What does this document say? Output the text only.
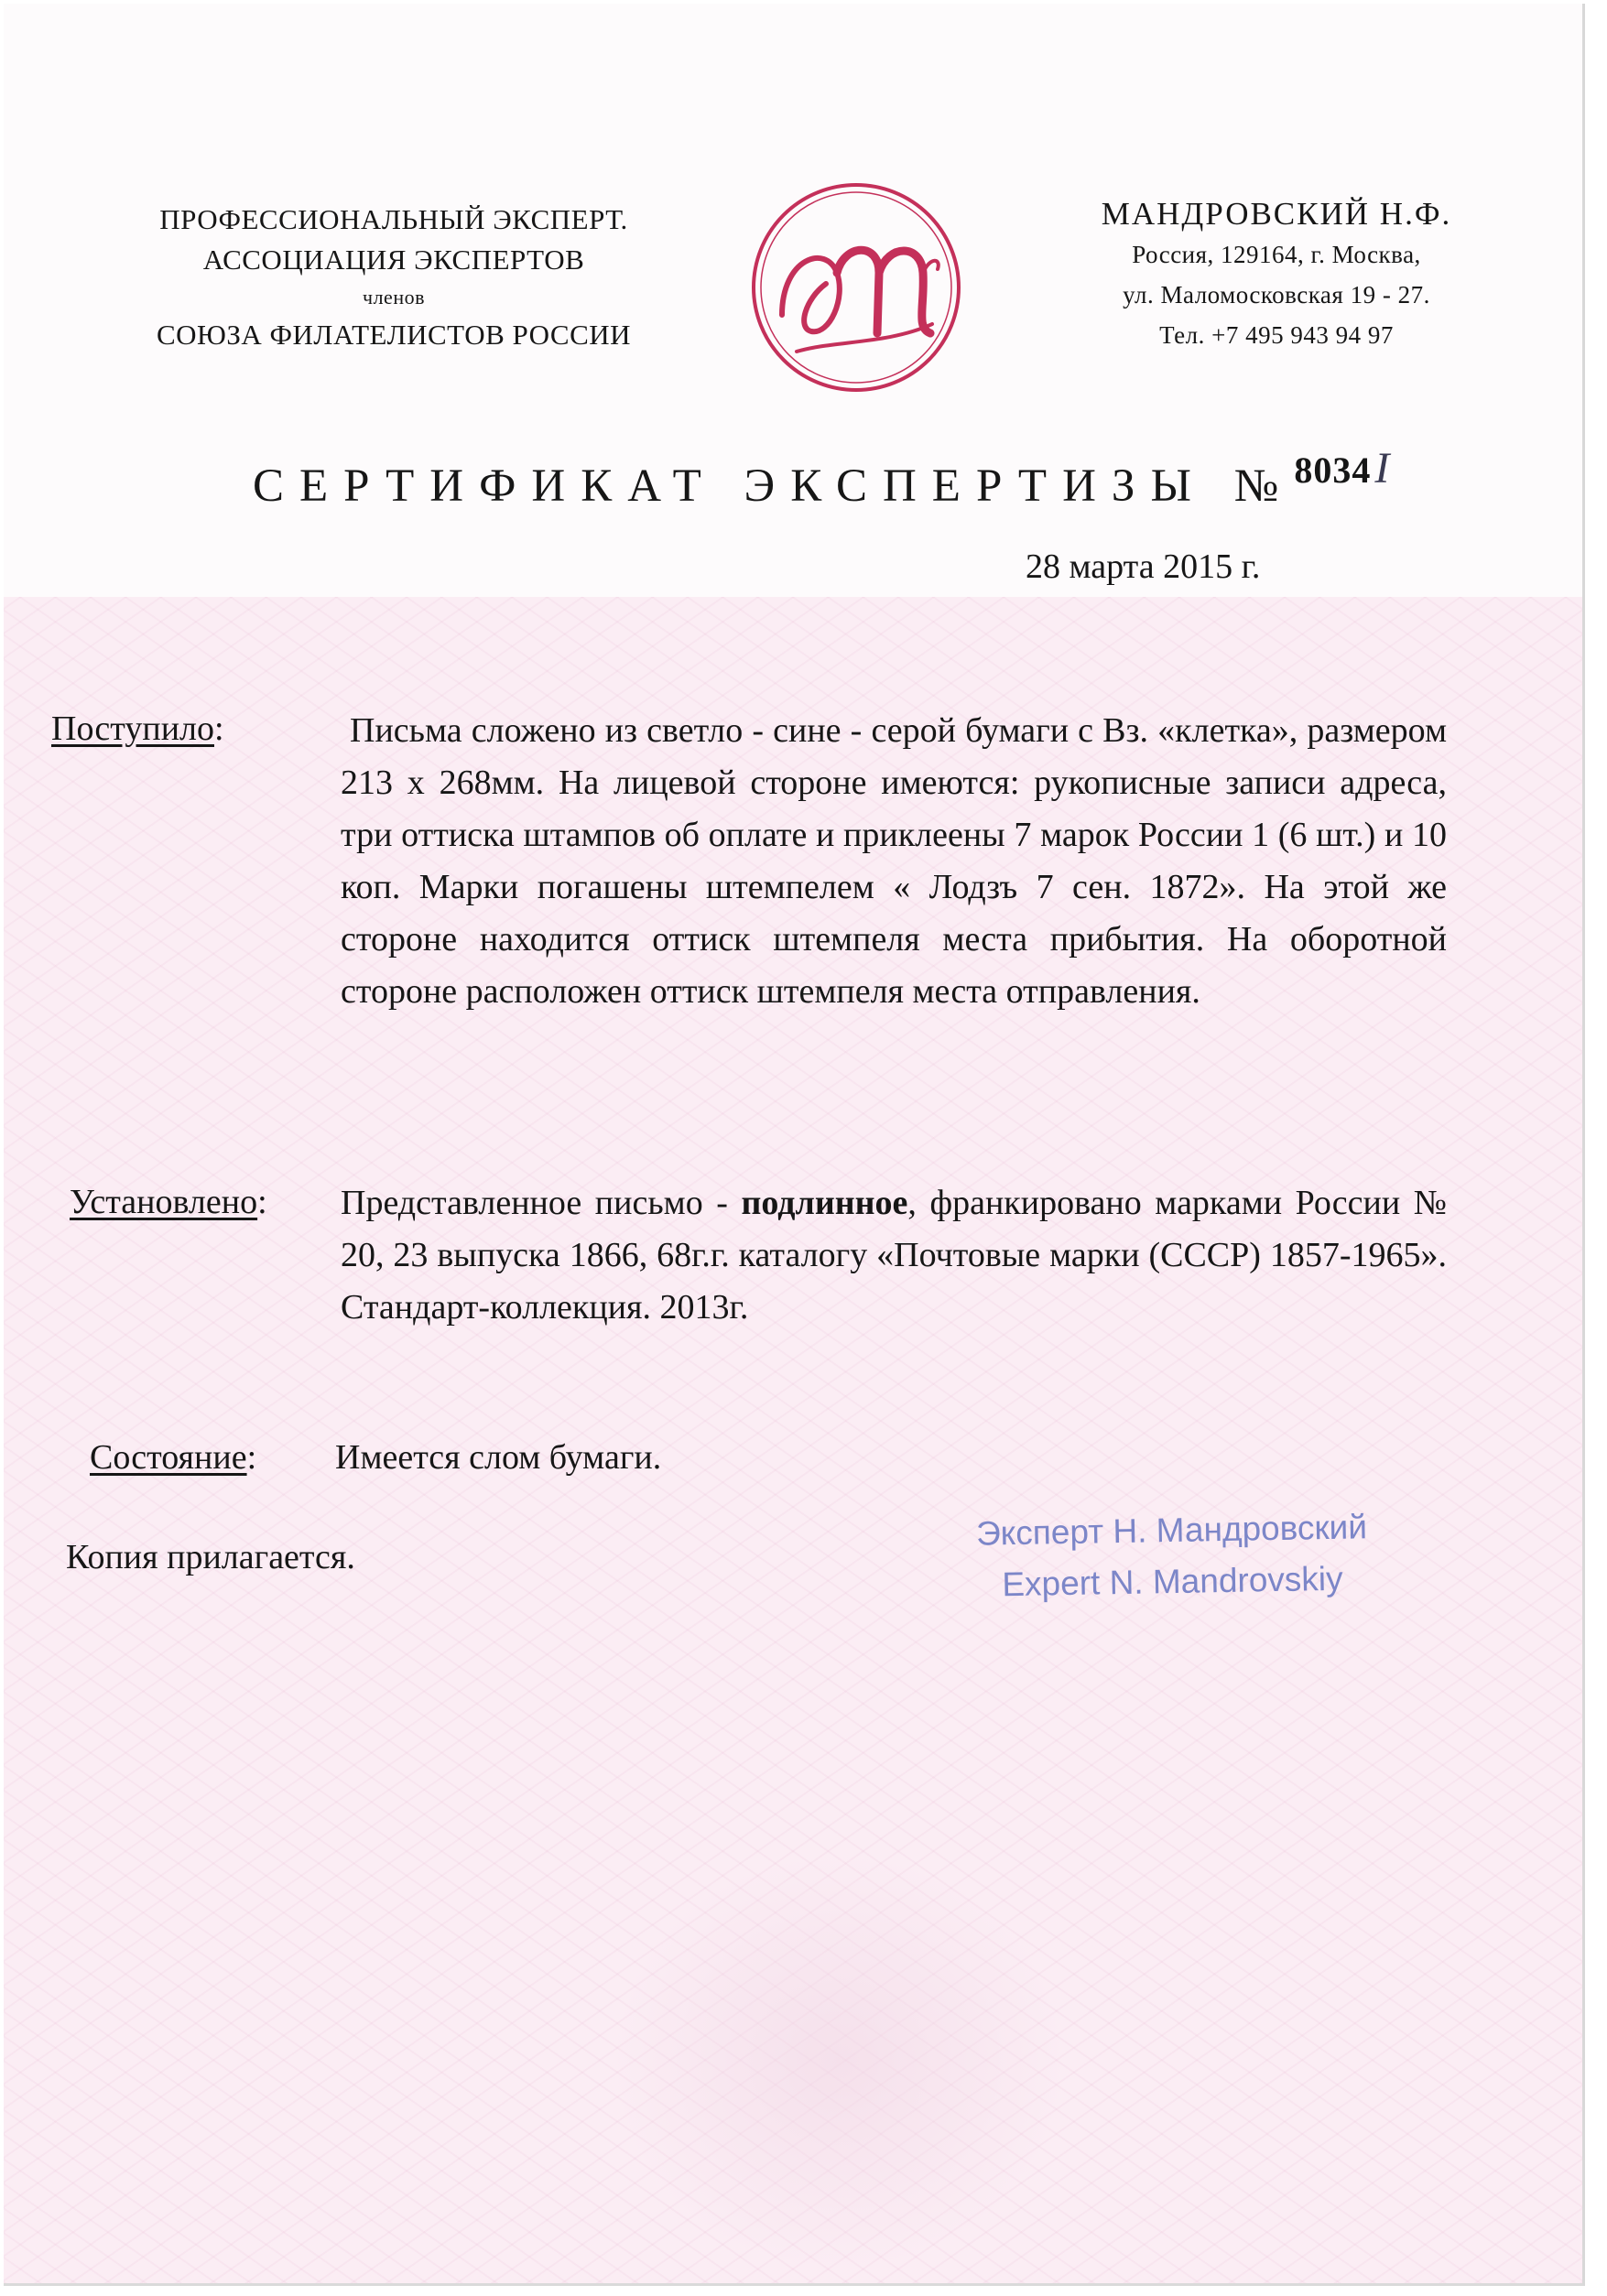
ПРОФЕССИОНАЛЬНЫЙ ЭКСПЕРТ.
АССОЦИАЦИЯ ЭКСПЕРТОВ
членов
СОЮЗА ФИЛАТЕЛИСТОВ РОССИИ
МАНДРОВСКИЙ Н.Ф.
Россия, 129164, г. Москва,
ул. Маломосковская 19 - 27.
Тел. +7 495 943 94 97
СЕРТИФИКАТ ЭКСПЕРТИЗЫ №$^{8034}$I
28 марта 2015 г.
Поступило:	Письма сложено из светло - сине - серой бумаги с Вз. «клетка», размером 213 х 268мм. На лицевой стороне имеются: рукописные записи адреса, три оттиска штампов об оплате и приклеены 7 марок России 1 (6 шт.) и 10 коп. Марки погашены штемпелем « Лодзъ 7 сен. 1872». На этой же стороне находится оттиск штемпеля места прибытия. На оборотной стороне расположен оттиск штемпеля места отправления.
Установлено: Представленное письмо - подлинное, франкировано марками России № 20, 23 выпуска 1866, 68г.г. каталогу «Почтовые марки (СССР) 1857-1965». Стандарт-коллекция. 2013г.
Состояние: Имеется слом бумаги.
Копия прилагается.
Эксперт Н. Мандровский
Expert N. Mandrovskiy
